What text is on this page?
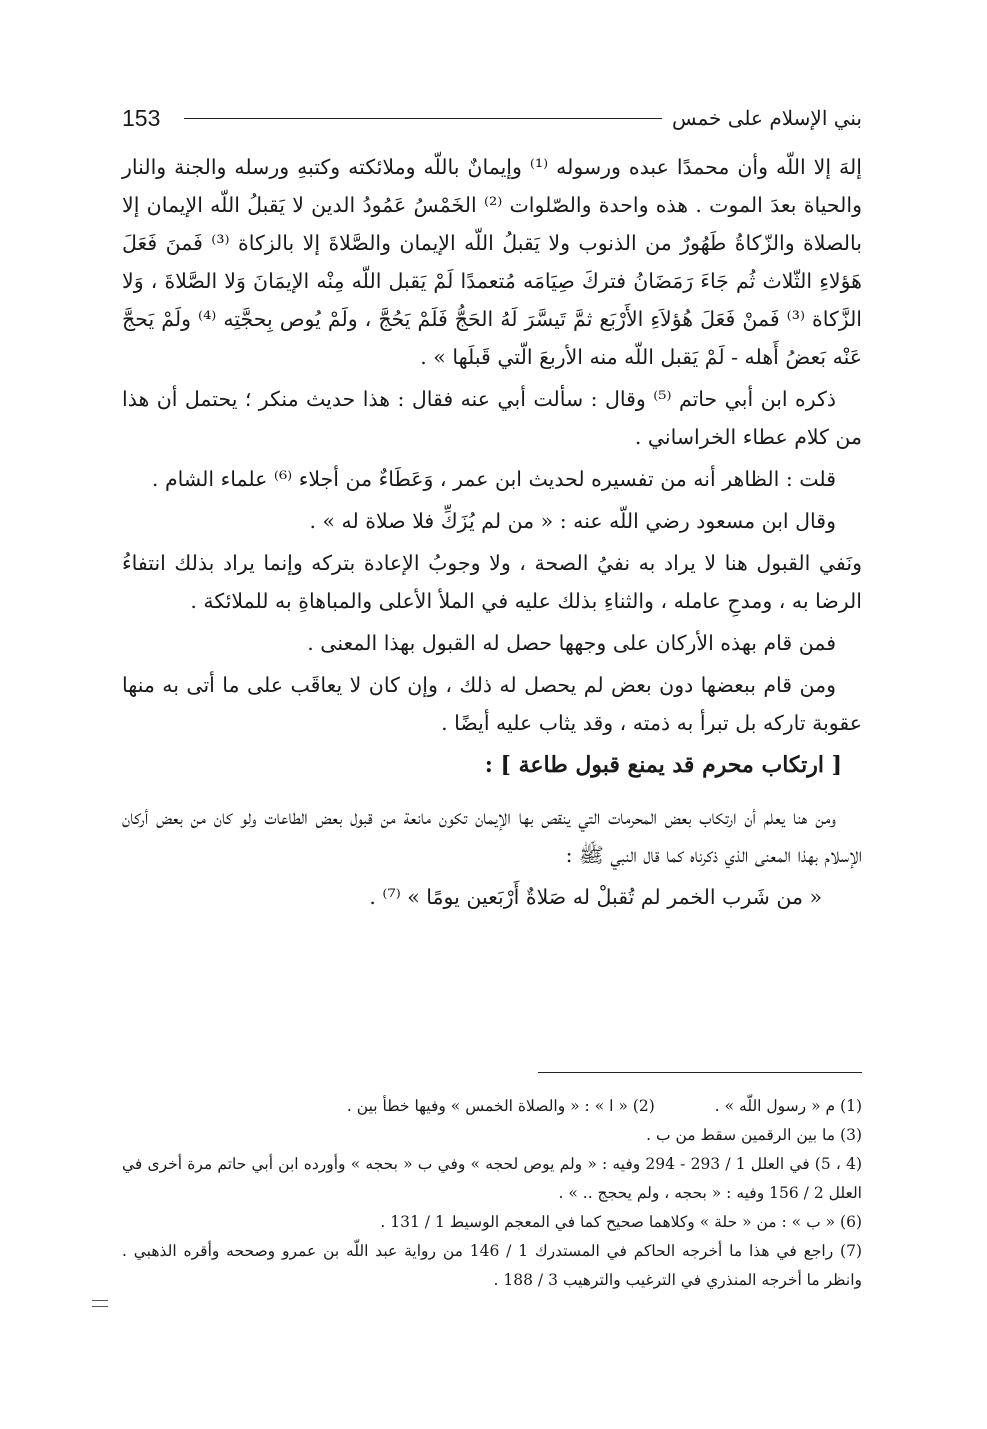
153	بني الإسلام على خمس

إلهَ إلا اللّه وأن محمدًا عبده ورسوله ⁽¹⁾ وإيمانٌ باللّه وملائكته وكتبهِ ورسله والجنة والنار والحياة بعدَ الموت . هذه واحدة والصّلوات ⁽²⁾ الخَمْسُ عَمُودُ الدين لا يَقبلُ اللّه الإيمان إلا بالصلاة والزّكاةُ طَهُورٌ من الذنوب ولا يَقبلُ اللّه الإيمان والصَّلاةَ إلا بالزكاة ⁽³⁾ فَمنَ فَعَلَ هَؤلاءِ الثّلاث ثُم جَاءَ رَمَضَانُ فتركَ صِيَامَه مُتعمدًا لَمْ يَقبل اللّه مِنْه الإيمَانَ وَلا الصَّلاةَ ، وَلا الزَّكاة ⁽³⁾ فَمنْ فَعَلَ هُؤلاَءِ الأَرْبَع ثمَّ تَيسَّرَ لَهُ الحَجُّ فَلَمْ يَحُجَّ ، ولَمْ يُوص بِحجَّتِه ⁽⁴⁾ ولَمْ يَحجَّ عَنْه بَعضُ أَهله - لَمْ يَقبل اللّه منه الأربعَ الّتي قَبلَها » .

ذكره ابن أبي حاتم ⁽⁵⁾ وقال : سألت أبي عنه فقال : هذا حديث منكر ؛ يحتمل أن هذا من كلام عطاء الخراساني .

قلت : الظاهر أنه من تفسيره لحديث ابن عمر ، وَعَطَاءٌ من أجلاء ⁽⁶⁾ علماء الشام .

وقال ابن مسعود رضي اللّه عنه : « من لم يُزَكِّ فلا صلاة له » .

ونَفي القبول هنا لا يراد به نفيُ الصحة ، ولا وجوبُ الإعادة بتركه وإنما يراد بذلك انتفاءُ الرضا به ، ومدحِ عامله ، والثناءِ بذلك عليه في الملأ الأعلى والمباهاةِ به للملائكة .

فمن قام بهذه الأركان على وجهها حصل له القبول بهذا المعنى .

ومن قام ببعضها دون بعض لم يحصل له ذلك ، وإن كان لا يعاقَب على ما أتى به منها عقوبة تاركه بل تبرأ به ذمته ، وقد يثاب عليه أيضًا .

[ ارتكاب محرم قد يمنع قبول طاعة ] :

ومن هنا يعلم أن ارتكاب بعض المحرمات التي ينقص بها الإيمان تكون مانعة من قبول بعض الطاعات ولو كان من بعض أركان الإسلام بهذا المعنى الذي ذكرناه كما قال النبي ﷺ :

« من شَرب الخمر لم تُقبلْ له صَلاةٌ أَرْبَعين يومًا » ⁽⁷⁾ .

(1) م « رسول اللّه » .
(2) « ا » : « والصلاة الخمس » وفيها خطأ بين .

(3) ما بين الرقمين سقط من ب .

(4 ، 5) في العلل 1 / 293 - 294 وفيه : « ولم يوص لحجه » وفي ب « بحجه » وأورده ابن أبي حاتم مرة أخرى في العلل 2 / 156 وفيه : « بحجه ، ولم يحجج .. » .

(6) « ب » : من « حلة » وكلاهما صحيح كما في المعجم الوسيط 1 / 131 .

(7) راجع في هذا ما أخرجه الحاكم في المستدرك 1 / 146 من رواية عبد اللّه بن عمرو وصححه وأقره الذهبي . وانظر ما أخرجه المنذري في الترغيب والترهيب 3 / 188 .
